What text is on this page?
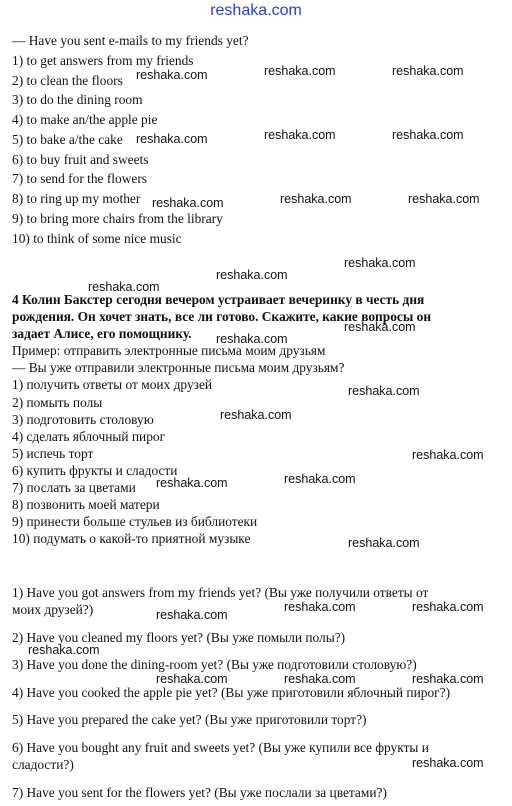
reshaka.com
— Have you sent e-mails to my friends yet?
1) to get answers from my friends
2) to clean the floors
3) to do the dining room
4) to make an/the apple pie
5) to bake a/the cake
6) to buy fruit and sweets
7) to send for the flowers
8) to ring up my mother
9) to bring more chairs from the library
10) to think of some nice music
4 Колин Бакстер сегодня вечером устраивает вечеринку в честь дня
рождения. Он хочет знать, все ли готово. Скажите, какие вопросы он
задает Алисе, его помощнику.
Пример: отправить электронные письма моим друзьям
— Вы уже отправили электронные письма моим друзьям?
1) получить ответы от моих друзей
2) помыть полы
3) подготовить столовую
4) сделать яблочный пирог
5) испечь торт
6) купить фрукты и сладости
7) послать за цветами
8) позвонить моей матери
9) принести больше стульев из библиотеки
10) подумать о какой-то приятной музыке
1) Have you got answers from my friends yet? (Вы уже получили ответы от
моих друзей?)
2) Have you cleaned my floors yet? (Вы уже помыли полы?)
3) Have you done the dining-room yet? (Вы уже подготовили столовую?)
4) Have you cooked the apple pie yet? (Вы уже приготовили яблочный пирог?)
5) Have you prepared the cake yet? (Вы уже приготовили торт?)
6) Have you bought any fruit and sweets yet? (Вы уже купили все фрукты и
сладости?)
7) Have you sent for the flowers yet? (Вы уже послали за цветами?)
reshaka.com	reshaka.com	reshaka.com
reshaka.com	reshaka.com	reshaka.com
reshaka.com	reshaka.com	reshaka.com
reshaka.com
reshaka.com
reshaka.com
reshaka.com
reshaka.com
reshaka.com
reshaka.com
reshaka.com
reshaka.com
reshaka.com
reshaka.com
reshaka.com	reshaka.com
reshaka.com
reshaka.com
reshaka.com	reshaka.com	reshaka.com
reshaka.com
